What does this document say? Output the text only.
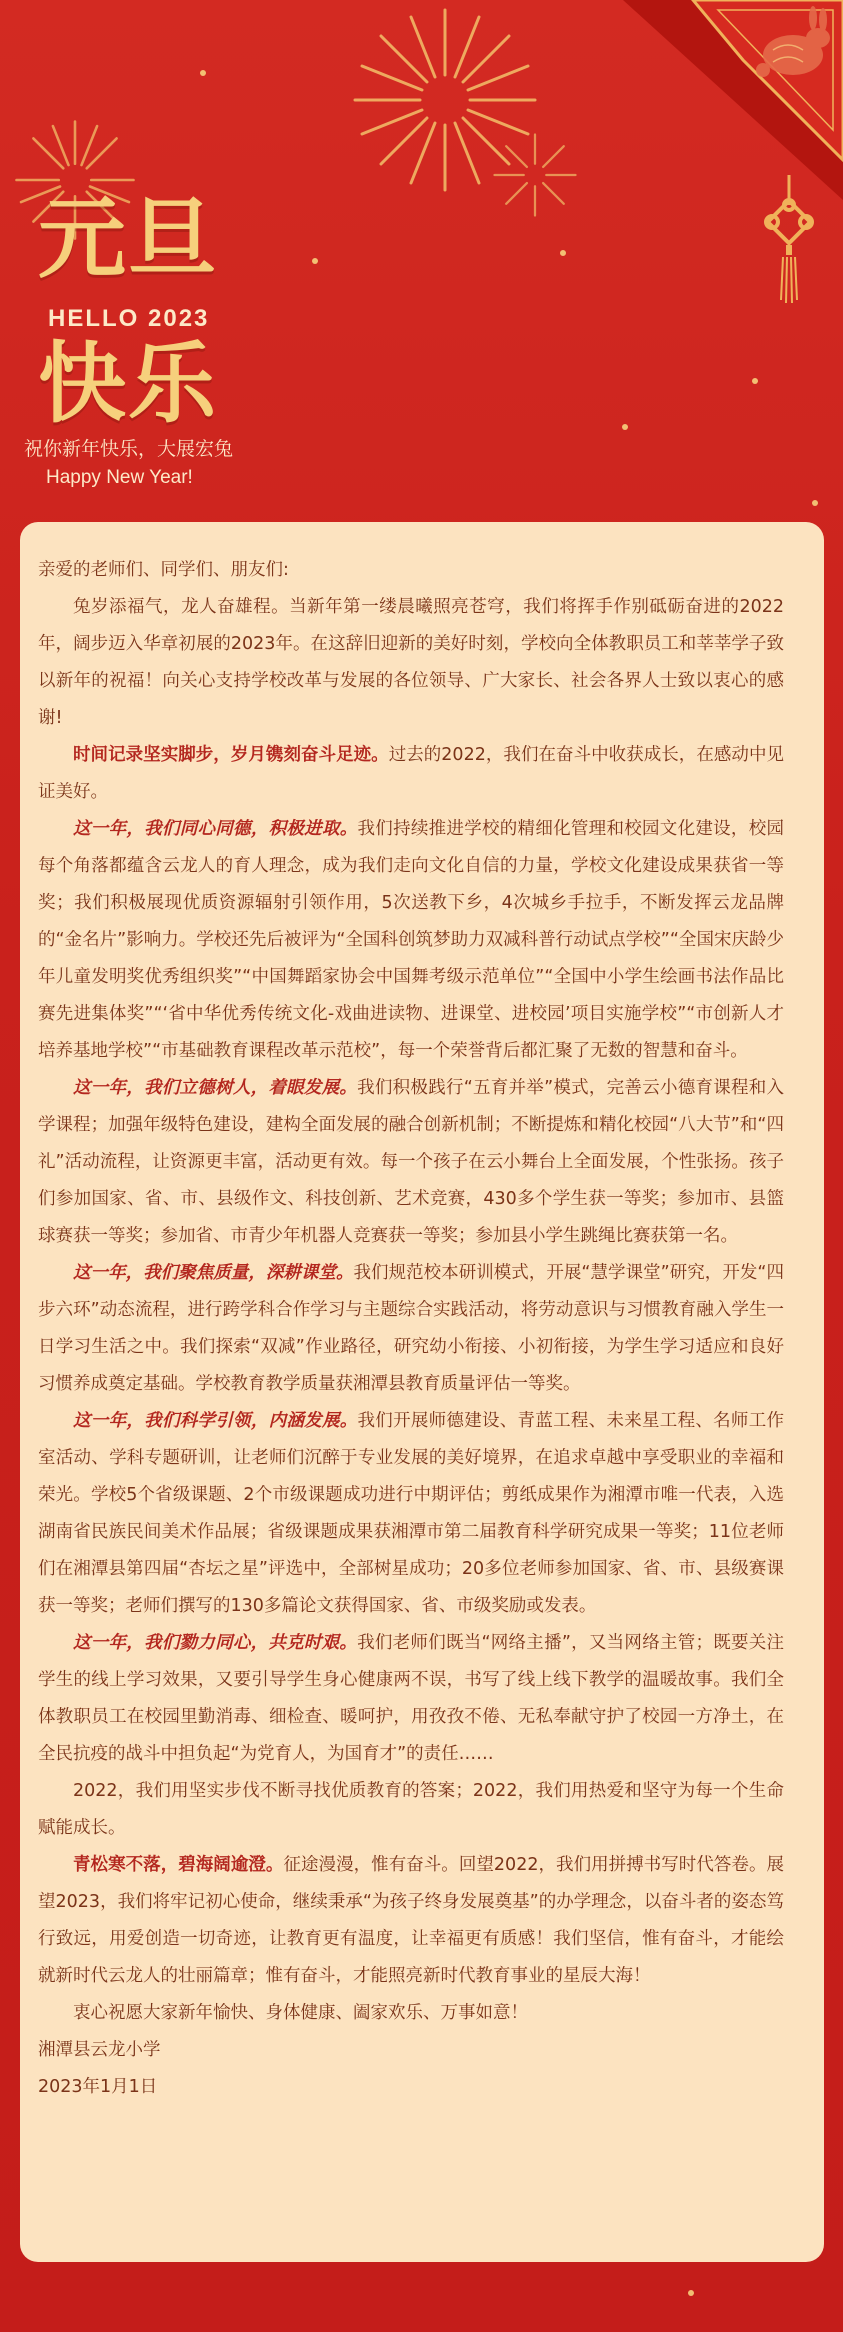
元旦
HELLO 2023
快乐
祝你新年快乐，大展宏兔
Happy New Year!

亲爱的老师们、同学们、朋友们:

兔岁添福气，龙人奋雄程。当新年第一缕晨曦照亮苍穹，我们将挥手作别砥砺奋进的2022年，阔步迈入华章初展的2023年。在这辞旧迎新的美好时刻，学校向全体教职员工和莘莘学子致以新年的祝福！向关心支持学校改革与发展的各位领导、广大家长、社会各界人士致以衷心的感谢!

时间记录坚实脚步，岁月镌刻奋斗足迹。过去的2022，我们在奋斗中收获成长，在感动中见证美好。

这一年，我们同心同德，积极进取。我们持续推进学校的精细化管理和校园文化建设，校园每个角落都蕴含云龙人的育人理念，成为我们走向文化自信的力量，学校文化建设成果获省一等奖；我们积极展现优质资源辐射引领作用，5次送教下乡，4次城乡手拉手，不断发挥云龙品牌的“金名片”影响力。学校还先后被评为“全国科创筑梦助力双减科普行动试点学校”“全国宋庆龄少年儿童发明奖优秀组织奖”“中国舞蹈家协会中国舞考级示范单位”“全国中小学生绘画书法作品比赛先进集体奖”“‘省中华优秀传统文化-戏曲进读物、进课堂、进校园’项目实施学校”“市创新人才培养基地学校”“市基础教育课程改革示范校”，每一个荣誉背后都汇聚了无数的智慧和奋斗。

这一年，我们立德树人，着眼发展。我们积极践行“五育并举”模式，完善云小德育课程和入学课程；加强年级特色建设，建构全面发展的融合创新机制；不断提炼和精化校园“八大节”和“四礼”活动流程，让资源更丰富，活动更有效。每一个孩子在云小舞台上全面发展，个性张扬。孩子们参加国家、省、市、县级作文、科技创新、艺术竞赛，430多个学生获一等奖；参加市、县篮球赛获一等奖；参加省、市青少年机器人竞赛获一等奖；参加县小学生跳绳比赛获第一名。

这一年，我们聚焦质量，深耕课堂。我们规范校本研训模式，开展“慧学课堂”研究，开发“四步六环”动态流程，进行跨学科合作学习与主题综合实践活动，将劳动意识与习惯教育融入学生一日学习生活之中。我们探索“双减”作业路径，研究幼小衔接、小初衔接，为学生学习适应和良好习惯养成奠定基础。学校教育教学质量获湘潭县教育质量评估一等奖。

这一年，我们科学引领，内涵发展。我们开展师德建设、青蓝工程、未来星工程、名师工作室活动、学科专题研训，让老师们沉醉于专业发展的美好境界，在追求卓越中享受职业的幸福和荣光。学校5个省级课题、2个市级课题成功进行中期评估；剪纸成果作为湘潭市唯一代表，入选湖南省民族民间美术作品展；省级课题成果获湘潭市第二届教育科学研究成果一等奖；11位老师们在湘潭县第四届“杏坛之星”评选中，全部树星成功；20多位老师参加国家、省、市、县级赛课获一等奖；老师们撰写的130多篇论文获得国家、省、市级奖励或发表。

这一年，我们勠力同心，共克时艰。我们老师们既当“网络主播”，又当网络主管；既要关注学生的线上学习效果，又要引导学生身心健康两不误，书写了线上线下教学的温暖故事。我们全体教职员工在校园里勤消毒、细检查、暖呵护，用孜孜不倦、无私奉献守护了校园一方净土，在全民抗疫的战斗中担负起“为党育人，为国育才”的责任……

2022，我们用坚实步伐不断寻找优质教育的答案；2022，我们用热爱和坚守为每一个生命赋能成长。

青松寒不落，碧海阔逾澄。征途漫漫，惟有奋斗。回望2022，我们用拼搏书写时代答卷。展望2023，我们将牢记初心使命，继续秉承“为孩子终身发展奠基”的办学理念，以奋斗者的姿态笃行致远，用爱创造一切奇迹，让教育更有温度，让幸福更有质感！我们坚信，惟有奋斗，才能绘就新时代云龙人的壮丽篇章；惟有奋斗，才能照亮新时代教育事业的星辰大海！

衷心祝愿大家新年愉快、身体健康、阖家欢乐、万事如意！

湘潭县云龙小学

2023年1月1日
